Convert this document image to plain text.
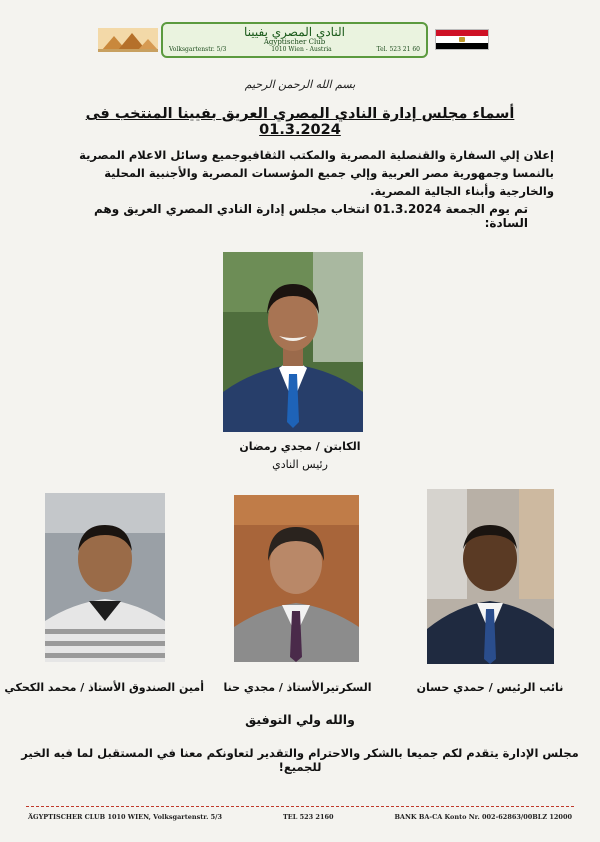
النادي المصري بفيينا
Ägyptischer Club
Volksgartenstr. 5/3	1010 Wien - Austria	Tel. 523 21 60
بسم الله الرحمن الرحيم
أسماء مجلس إدارة النادي المصري العريق بفيينا المنتخب فى 01.3.2024
إعلان إلي السفارة والقنصلية المصرية والمكتب الثقافيوجميع وسائل الاعلام المصرية بالنمسا وجمهورية مصر العربية وإلي جميع المؤسسات المصرية والأجنبية المحلية والخارجية وأبناء الجالية المصرية.
تم يوم الجمعة 01.3.2024 انتخاب مجلس إدارة النادي المصري العريق وهم السادة:
الكابتن / مجدي رمضان
رئيس النادي
نائب الرئيس / حمدي حسان
السكرتيرالأستاذ / مجدي حنا
أمين الصندوق الأستاذ / محمد الكحكي
والله ولي التوفيق
مجلس الإدارة يتقدم لكم جميعا بالشكر والاحترام والتقدير لتعاونكم معنا في المستقبل لما فيه الخير للجميع!
ÄGYPTISCHER CLUB 1010 WIEN, Volksgartenstr. 5/3	TEL 523 2160	BANK BA-CA Konto Nr. 002-62863/00BLZ 12000
